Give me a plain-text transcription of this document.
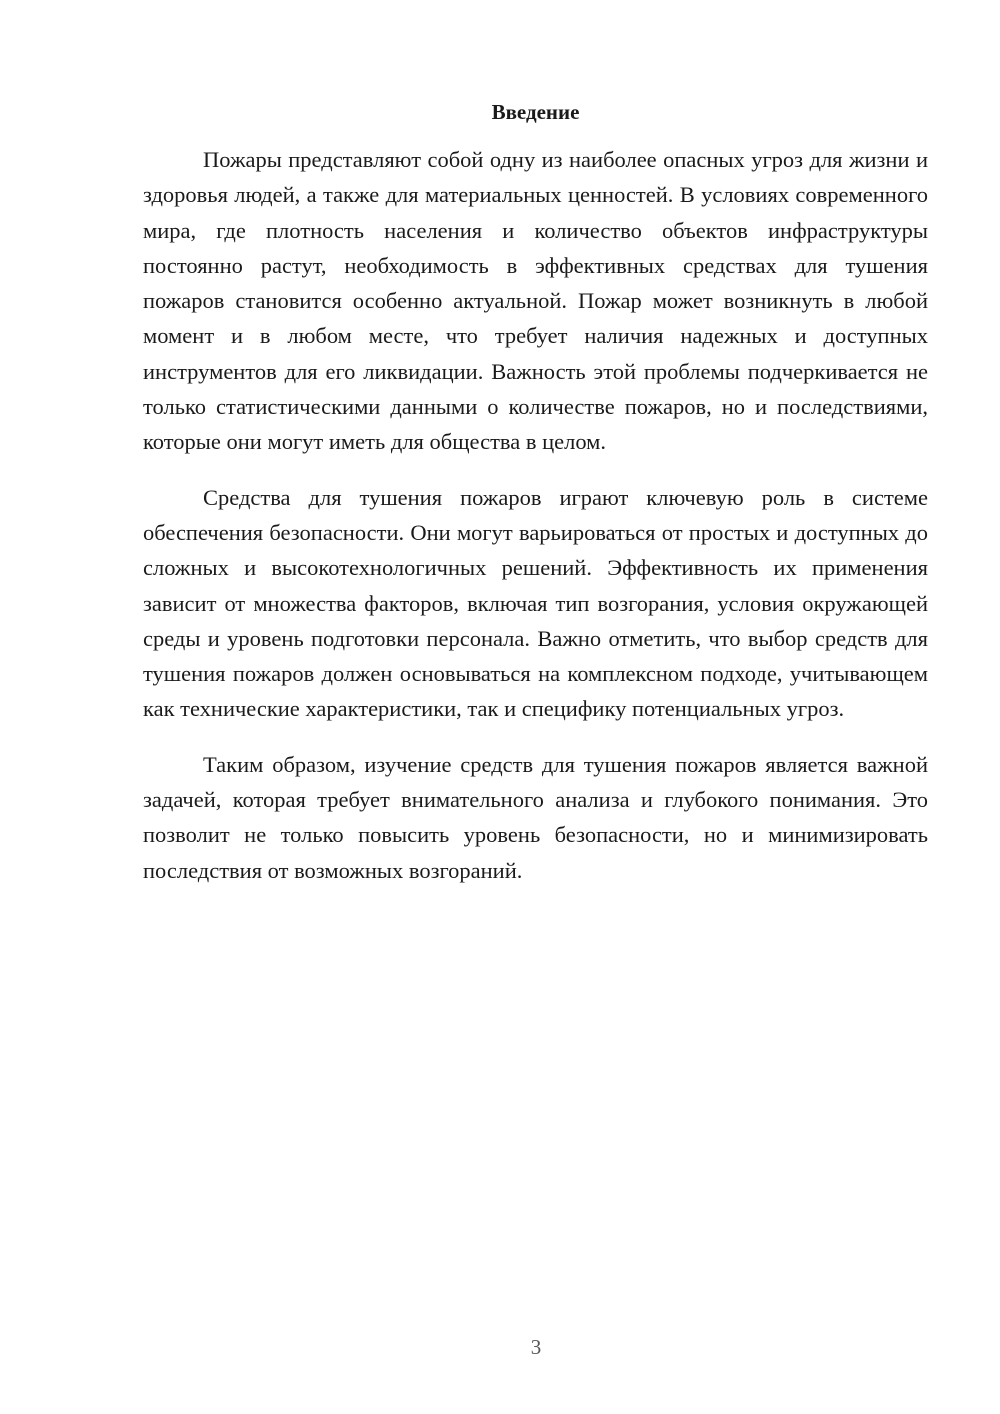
Введение

Пожары представляют собой одну из наиболее опасных угроз для жизни и здоровья людей, а также для материальных ценностей. В условиях современного мира, где плотность населения и количество объектов инфраструктуры постоянно растут, необходимость в эффективных средствах для тушения пожаров становится особенно актуальной. Пожар может возникнуть в любой момент и в любом месте, что требует наличия надежных и доступных инструментов для его ликвидации. Важность этой проблемы подчеркивается не только статистическими данными о количестве пожаров, но и последствиями, которые они могут иметь для общества в целом.

Средства для тушения пожаров играют ключевую роль в системе обеспечения безопасности. Они могут варьироваться от простых и доступных до сложных и высокотехнологичных решений. Эффективность их применения зависит от множества факторов, включая тип возгорания, условия окружающей среды и уровень подготовки персонала. Важно отметить, что выбор средств для тушения пожаров должен основываться на комплексном подходе, учитывающем как технические характеристики, так и специфику потенциальных угроз.

Таким образом, изучение средств для тушения пожаров является важной задачей, которая требует внимательного анализа и глубокого понимания. Это позволит не только повысить уровень безопасности, но и минимизировать последствия от возможных возгораний.

3
